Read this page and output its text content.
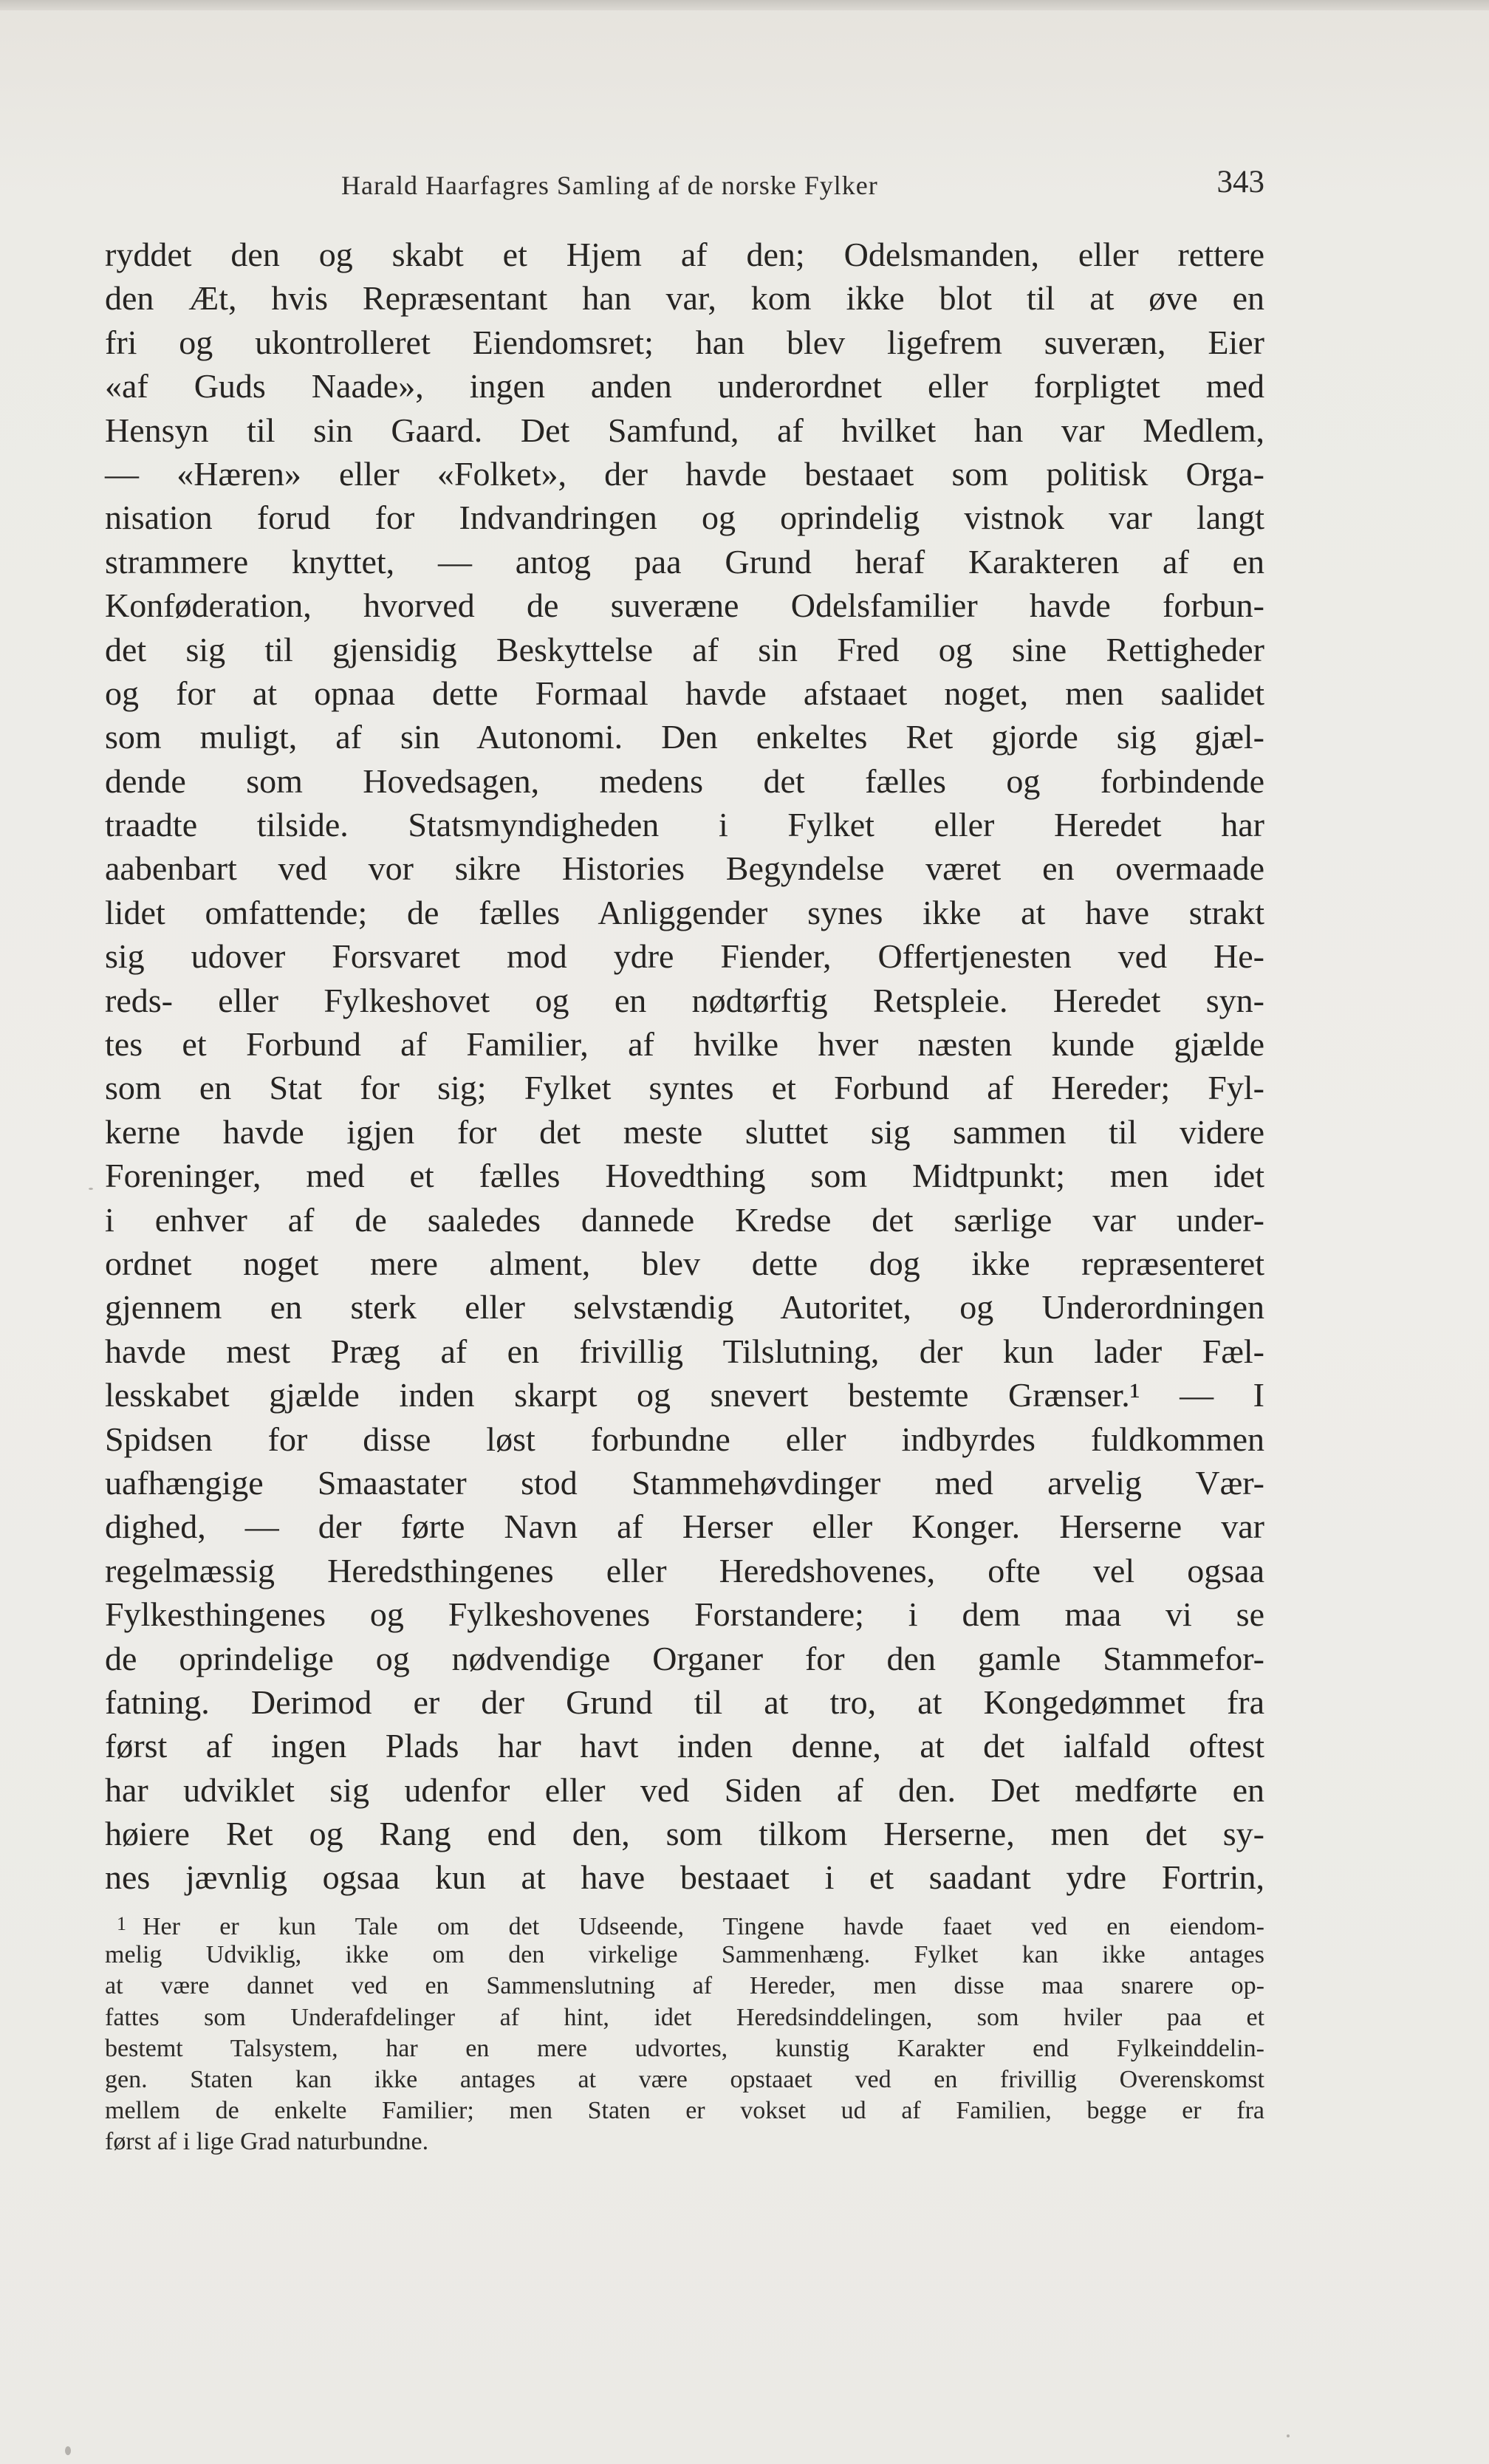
Harald Haarfagres Samling af de norske Fylker	343
ryddet den og skabt et Hjem af den; Odelsmanden, eller rettere
den Æt, hvis Repræsentant han var, kom ikke blot til at øve en
fri og ukontrolleret Eiendomsret; han blev ligefrem suveræn, Eier
«af Guds Naade», ingen anden underordnet eller forpligtet med
Hensyn til sin Gaard. Det Samfund, af hvilket han var Medlem,
— «Hæren» eller «Folket», der havde bestaaet som politisk Orga-
nisation forud for Indvandringen og oprindelig vistnok var langt
strammere knyttet, — antog paa Grund heraf Karakteren af en
Konføderation, hvorved de suveræne Odelsfamilier havde forbun-
det sig til gjensidig Beskyttelse af sin Fred og sine Rettigheder
og for at opnaa dette Formaal havde afstaaet noget, men saalidet
som muligt, af sin Autonomi. Den enkeltes Ret gjorde sig gjæl-
dende som Hovedsagen, medens det fælles og forbindende
traadte tilside. Statsmyndigheden i Fylket eller Heredet har
aabenbart ved vor sikre Histories Begyndelse været en overmaade
lidet omfattende; de fælles Anliggender synes ikke at have strakt
sig udover Forsvaret mod ydre Fiender, Offertjenesten ved He-
reds- eller Fylkeshovet og en nødtørftig Retspleie. Heredet syn-
tes et Forbund af Familier, af hvilke hver næsten kunde gjælde
som en Stat for sig; Fylket syntes et Forbund af Hereder; Fyl-
kerne havde igjen for det meste sluttet sig sammen til videre
Foreninger, med et fælles Hovedthing som Midtpunkt; men idet
i enhver af de saaledes dannede Kredse det særlige var under-
ordnet noget mere alment, blev dette dog ikke repræsenteret
gjennem en sterk eller selvstændig Autoritet, og Underordningen
havde mest Præg af en frivillig Tilslutning, der kun lader Fæl-
lesskabet gjælde inden skarpt og snevert bestemte Grænser.¹ — I
Spidsen for disse løst forbundne eller indbyrdes fuldkommen
uafhængige Smaastater stod Stammehøvdinger med arvelig Vær-
dighed, — der førte Navn af Herser eller Konger. Herserne var
regelmæssig Heredsthingenes eller Heredshovenes, ofte vel ogsaa
Fylkesthingenes og Fylkeshovenes Forstandere; i dem maa vi se
de oprindelige og nødvendige Organer for den gamle Stammefor-
fatning. Derimod er der Grund til at tro, at Kongedømmet fra
først af ingen Plads har havt inden denne, at det ialfald oftest
har udviklet sig udenfor eller ved Siden af den. Det medførte en
høiere Ret og Rang end den, som tilkom Herserne, men det sy-
nes jævnlig ogsaa kun at have bestaaet i et saadant ydre Fortrin,
1 Her er kun Tale om det Udseende, Tingene havde faaet ved en eiendom-
melig Udviklig, ikke om den virkelige Sammenhæng. Fylket kan ikke antages
at være dannet ved en Sammenslutning af Hereder, men disse maa snarere op-
fattes som Underafdelinger af hint, idet Heredsinddelingen, som hviler paa et
bestemt Talsystem, har en mere udvortes, kunstig Karakter end Fylkeinddelin-
gen. Staten kan ikke antages at være opstaaet ved en frivillig Overenskomst
mellem de enkelte Familier; men Staten er vokset ud af Familien, begge er fra
først af i lige Grad naturbundne.
